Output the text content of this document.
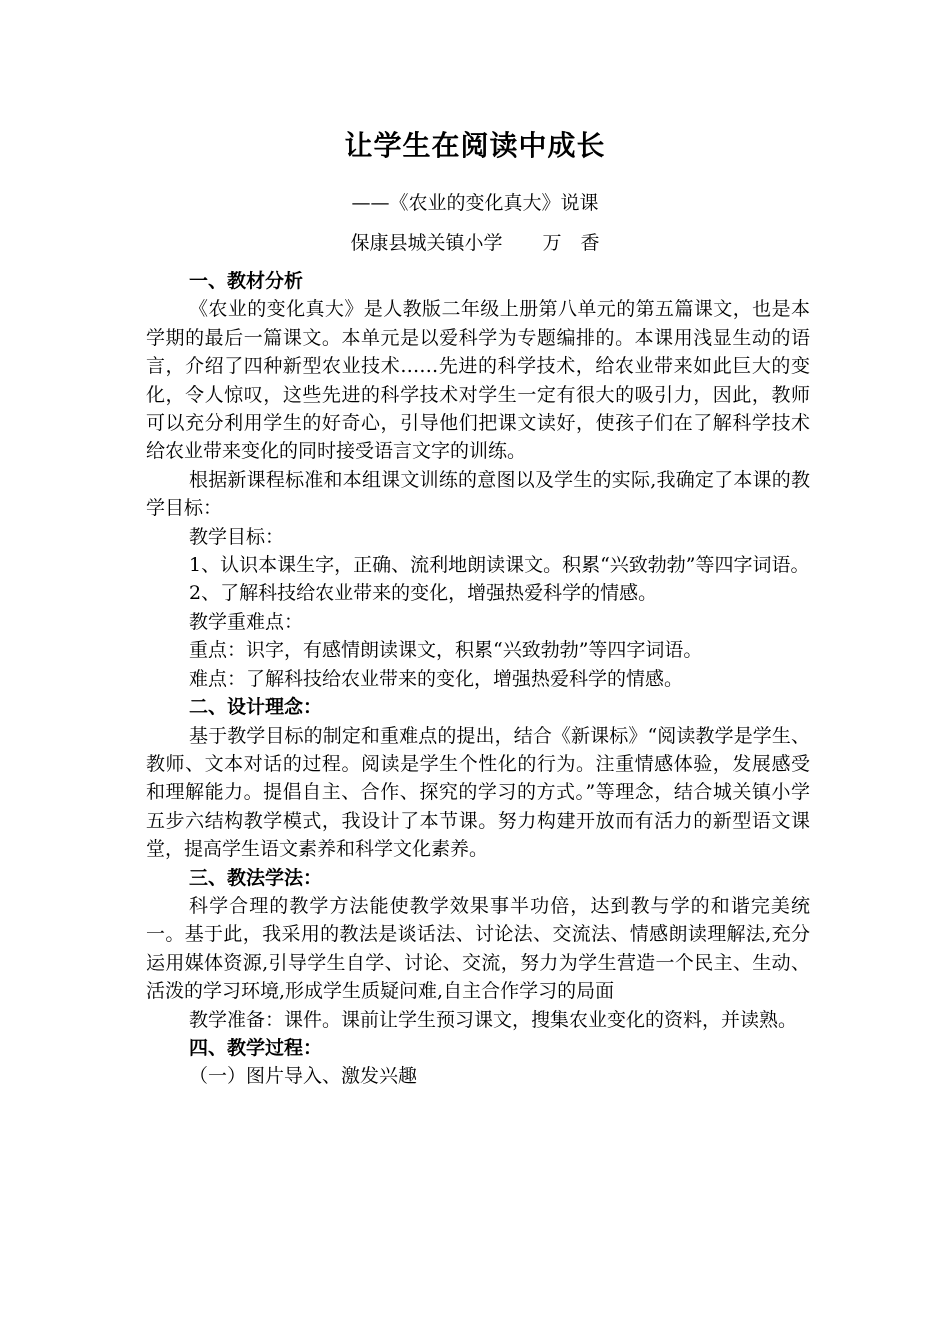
让学生在阅读中成长
——《农业的变化真大》说课
保康县城关镇小学 万　香

一、教材分析

《农业的变化真大》是人教版二年级上册第八单元的第五篇课文，也是本学期的最后一篇课文。本单元是以爱科学为专题编排的。本课用浅显生动的语言，介绍了四种新型农业技术……先进的科学技术，给农业带来如此巨大的变化，令人惊叹，这些先进的科学技术对学生一定有很大的吸引力，因此，教师可以充分利用学生的好奇心，引导他们把课文读好，使孩子们在了解科学技术给农业带来变化的同时接受语言文字的训练。

根据新课程标准和本组课文训练的意图以及学生的实际,我确定了本课的教学目标：

教学目标：

1、认识本课生字，正确、流利地朗读课文。积累“兴致勃勃”等四字词语。

2、了解科技给农业带来的变化，增强热爱科学的情感。

教学重难点：

重点：识字，有感情朗读课文，积累“兴致勃勃”等四字词语。

难点：了解科技给农业带来的变化，增强热爱科学的情感。

二、设计理念：

基于教学目标的制定和重难点的提出，结合《新课标》“阅读教学是学生、教师、文本对话的过程。阅读是学生个性化的行为。注重情感体验，发展感受和理解能力。提倡自主、合作、探究的学习的方式。”等理念，结合城关镇小学五步六结构教学模式，我设计了本节课。努力构建开放而有活力的新型语文课堂，提高学生语文素养和科学文化素养。

三、教法学法：

科学合理的教学方法能使教学效果事半功倍，达到教与学的和谐完美统一。基于此，我采用的教法是谈话法、讨论法、交流法、情感朗读理解法,充分运用媒体资源,引导学生自学、讨论、交流，努力为学生营造一个民主、生动、活泼的学习环境,形成学生质疑问难,自主合作学习的局面

教学准备：课件。课前让学生预习课文，搜集农业变化的资料，并读熟。

四、教学过程：

（一）图片导入、激发兴趣
